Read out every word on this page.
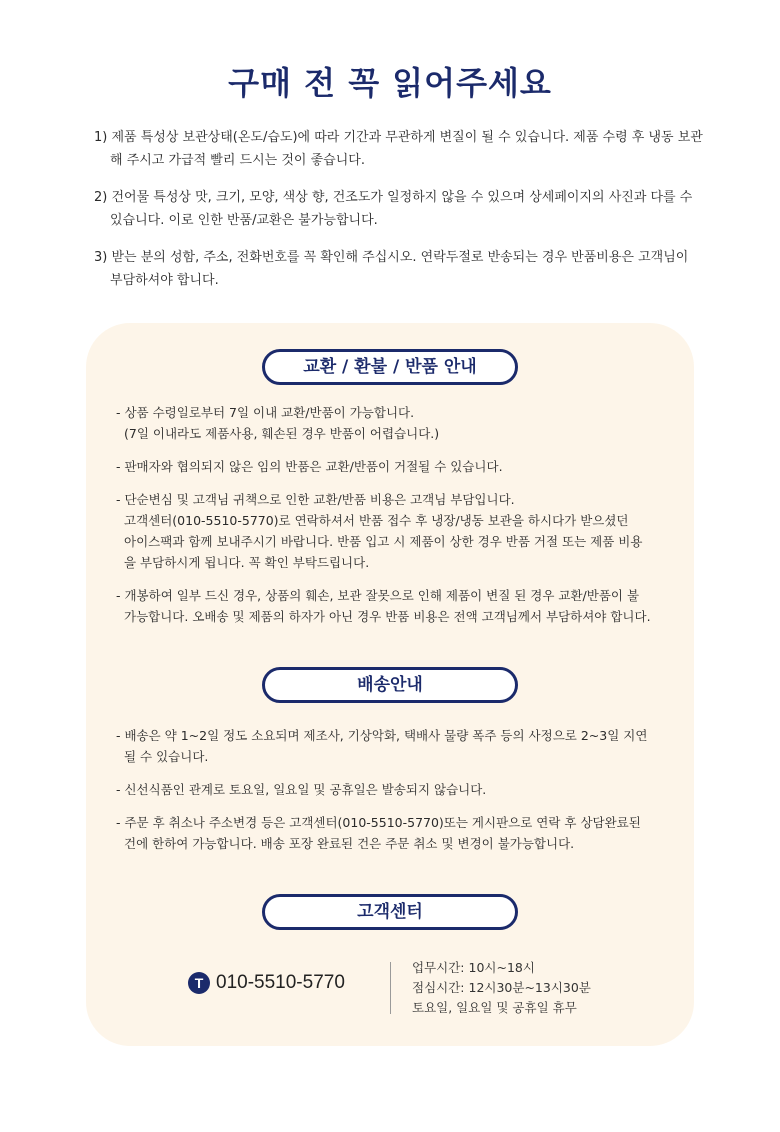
구매 전 꼭 읽어주세요
1) 제품 특성상 보관상태(온도/습도)에 따라 기간과 무관하게 변질이 될 수 있습니다. 제품 수령 후 냉동 보관
해 주시고 가급적 빨리 드시는 것이 좋습니다.
2) 건어물 특성상 맛, 크기, 모양, 색상 향, 건조도가 일정하지 않을 수 있으며 상세페이지의 사진과 다를 수
있습니다. 이로 인한 반품/교환은 불가능합니다.
3) 받는 분의 성함, 주소, 전화번호를 꼭 확인해 주십시오. 연락두절로 반송되는 경우 반품비용은 고객님이
부담하셔야 합니다.
교환 / 환불 / 반품 안내
- 상품 수령일로부터 7일 이내 교환/반품이 가능합니다.
(7일 이내라도 제품사용, 훼손된 경우 반품이 어렵습니다.)
- 판매자와 협의되지 않은 임의 반품은 교환/반품이 거절될 수 있습니다.
- 단순변심 및 고객님 귀책으로 인한 교환/반품 비용은 고객님 부담입니다.
고객센터(010-5510-5770)로 연락하셔서 반품 접수 후 냉장/냉동 보관을 하시다가 받으셨던
아이스팩과 함께 보내주시기 바랍니다. 반품 입고 시 제품이 상한 경우 반품 거절 또는 제품 비용
을 부담하시게 됩니다. 꼭 확인 부탁드립니다.
- 개봉하여 일부 드신 경우, 상품의 훼손, 보관 잘못으로 인해 제품이 변질 된 경우 교환/반품이 불
가능합니다. 오배송 및 제품의 하자가 아닌 경우 반품 비용은 전액 고객님께서 부담하셔야 합니다.
배송안내
- 배송은 약 1~2일 정도 소요되며 제조사, 기상악화, 택배사 물량 폭주 등의 사정으로 2~3일 지연
될 수 있습니다.
- 신선식품인 관계로 토요일, 일요일 및 공휴일은 발송되지 않습니다.
- 주문 후 취소나 주소변경 등은 고객센터(010-5510-5770)또는 게시판으로 연락 후 상담완료된
건에 한하여 가능합니다. 배송 포장 완료된 건은 주문 취소 및 변경이 불가능합니다.
고객센터
T 010-5510-5770
업무시간: 10시~18시
점심시간: 12시30분~13시30분
토요일, 일요일 및 공휴일 휴무
